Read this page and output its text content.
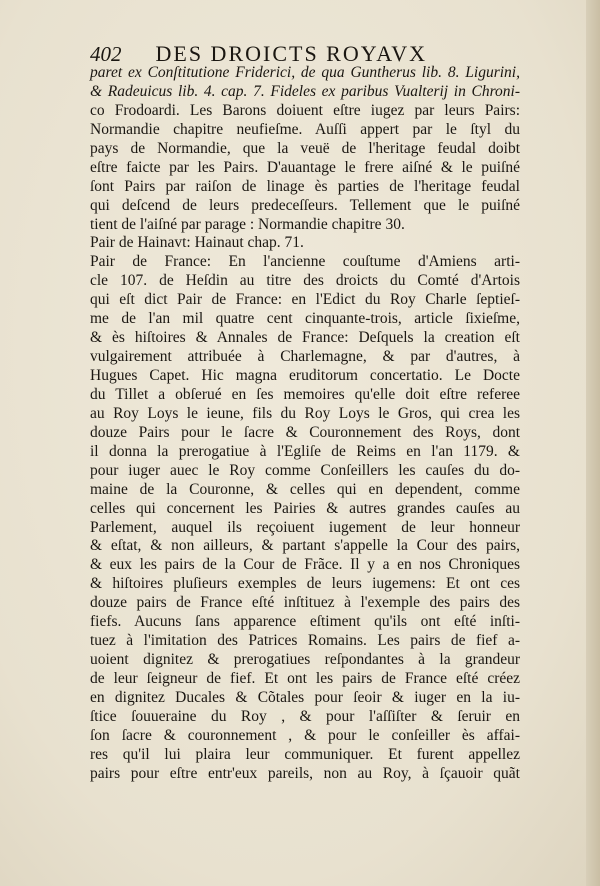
402 DES DROICTS ROYAVX
paret ex Conſtitutione Friderici, de qua Guntherus lib. 8. Ligurini,
& Radeuicus lib. 4. cap. 7. Fideles ex paribus Vualterij in Chroni-
co Frodoardi. Les Barons doiuent eſtre iugez par leurs Pairs:
Normandie chapitre neufieſme. Auſſi appert par le ſtyl du
pays de Normandie, que la veuë de l'heritage feudal doibt
eſtre faicte par les Pairs. D'auantage le frere aiſné & le puiſné
ſont Pairs par raiſon de linage ès parties de l'heritage feudal
qui deſcend de leurs predeceſſeurs. Tellement que le puiſné
tient de l'aiſné par parage : Normandie chapitre 30.
Pair de Hainavt: Hainaut chap. 71.
Pair de France: En l'ancienne couſtume d'Amiens arti-
cle 107. de Heſdin au titre des droicts du Comté d'Artois
qui eſt dict Pair de France: en l'Edict du Roy Charle ſeptieſ-
me de l'an mil quatre cent cinquante-trois, article ſixieſme,
& ès hiſtoires & Annales de France: Deſquels la creation eſt
vulgairement attribuée à Charlemagne, & par d'autres, à
Hugues Capet. Hic magna eruditorum concertatio. Le Docte
du Tillet a obſerué en ſes memoires qu'elle doit eſtre referee
au Roy Loys le ieune, fils du Roy Loys le Gros, qui crea les
douze Pairs pour le ſacre & Couronnement des Roys, dont
il donna la prerogatiue à l'Egliſe de Reims en l'an 1179. &
pour iuger auec le Roy comme Conſeillers les cauſes du do-
maine de la Couronne, & celles qui en dependent, comme
celles qui concernent les Pairies & autres grandes cauſes au
Parlement, auquel ils reçoiuent iugement de leur honneur
& eſtat, & non ailleurs, & partant s'appelle la Cour des pairs,
& eux les pairs de la Cour de Frãce. Il y a en nos Chroniques
& hiſtoires pluſieurs exemples de leurs iugemens: Et ont ces
douze pairs de France eſté inſtituez à l'exemple des pairs des
fiefs. Aucuns ſans apparence eſtiment qu'ils ont eſté inſti-
tuez à l'imitation des Patrices Romains. Les pairs de fief a-
uoient dignitez & prerogatiues reſpondantes à la grandeur
de leur ſeigneur de fief. Et ont les pairs de France eſté créez
en dignitez Ducales & Cõtales pour ſeoir & iuger en la iu-
ſtice ſouueraine du Roy , & pour l'aſſiſter & ſeruir en
ſon ſacre & couronnement , & pour le conſeiller ès affai-
res qu'il lui plaira leur communiquer. Et furent appellez
pairs pour eſtre entr'eux pareils, non au Roy, à ſçauoir quãt
